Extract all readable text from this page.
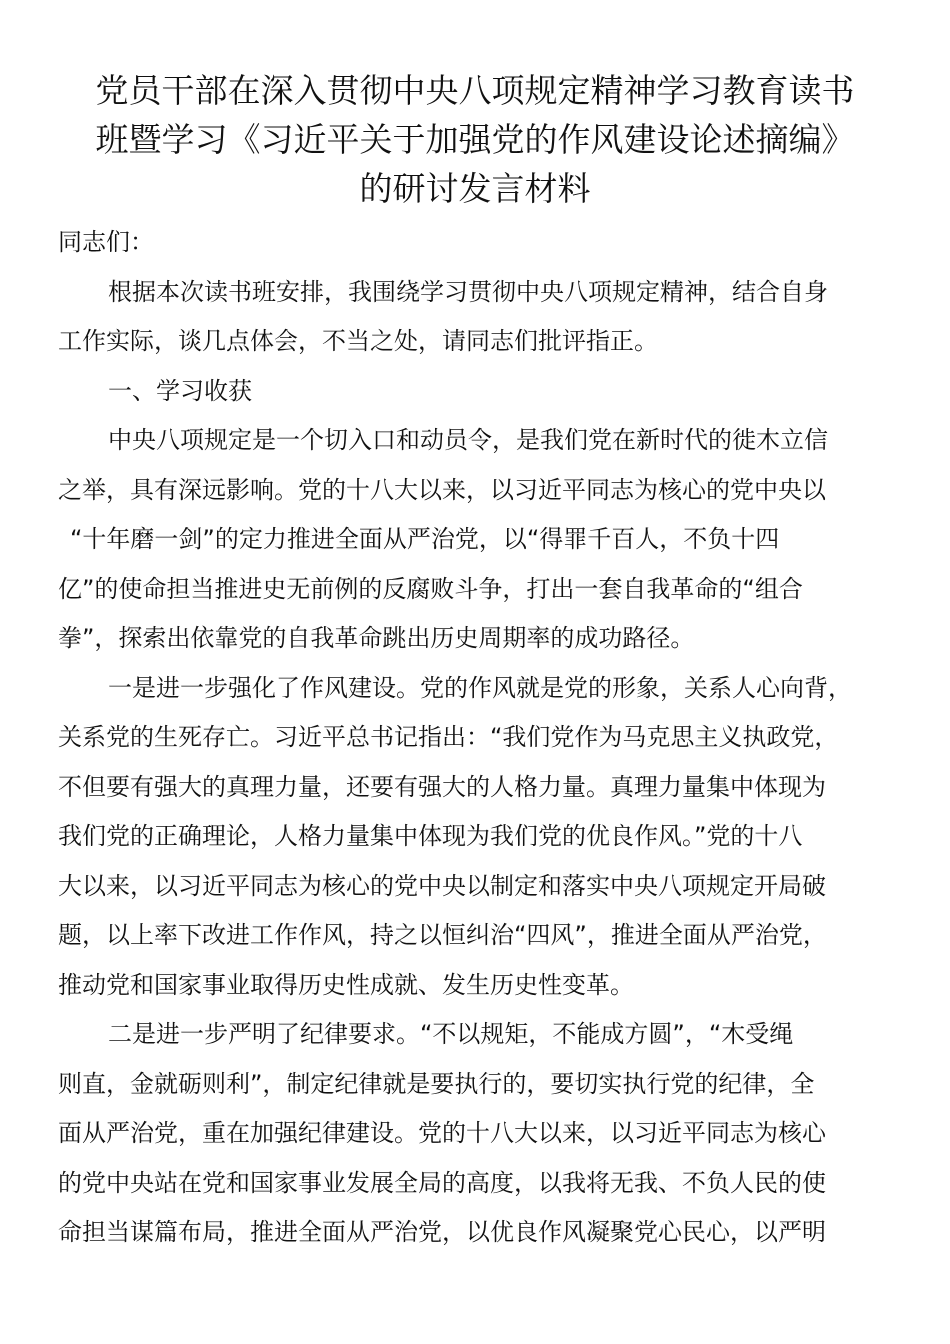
党员干部在深入贯彻中央八项规定精神学习教育读书
班暨学习《习近平关于加强党的作风建设论述摘编》
的研讨发言材料
同志们：
根据本次读书班安排，我围绕学习贯彻中央八项规定精神，结合自身
工作实际，谈几点体会，不当之处，请同志们批评指正。
一、学习收获
中央八项规定是一个切入口和动员令，是我们党在新时代的徙木立信
之举，具有深远影响。党的十八大以来，以习近平同志为核心的党中央以
“十年磨一剑”的定力推进全面从严治党，以“得罪千百人，不负十四
亿”的使命担当推进史无前例的反腐败斗争，打出一套自我革命的“组合
拳”，探索出依靠党的自我革命跳出历史周期率的成功路径。
一是进一步强化了作风建设。党的作风就是党的形象，关系人心向背，
关系党的生死存亡。习近平总书记指出：“我们党作为马克思主义执政党，
不但要有强大的真理力量，还要有强大的人格力量。真理力量集中体现为
我们党的正确理论，人格力量集中体现为我们党的优良作风。”党的十八
大以来，以习近平同志为核心的党中央以制定和落实中央八项规定开局破
题，以上率下改进工作作风，持之以恒纠治“四风”，推进全面从严治党，
推动党和国家事业取得历史性成就、发生历史性变革。
二是进一步严明了纪律要求。“不以规矩，不能成方圆”，“木受绳
则直，金就砺则利”，制定纪律就是要执行的，要切实执行党的纪律，全
面从严治党，重在加强纪律建设。党的十八大以来，以习近平同志为核心
的党中央站在党和国家事业发展全局的高度，以我将无我、不负人民的使
命担当谋篇布局，推进全面从严治党，以优良作风凝聚党心民心，以严明
